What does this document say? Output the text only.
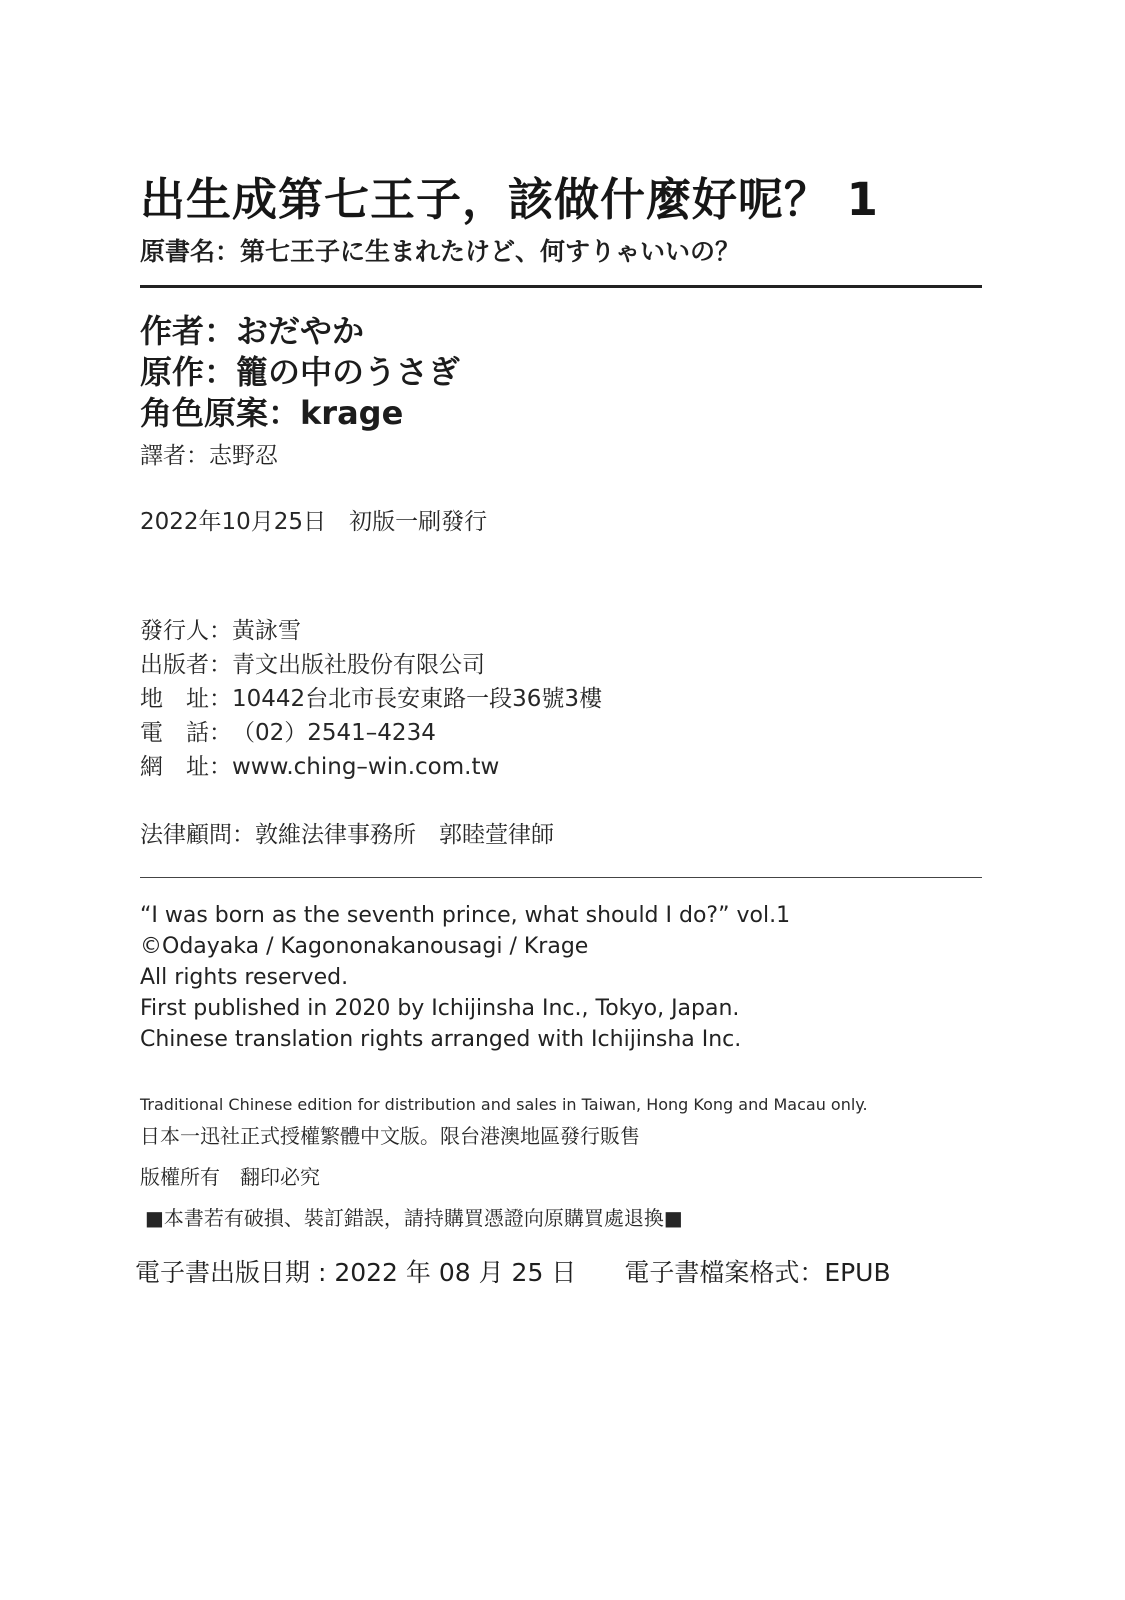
出生成第七王子，該做什麼好呢？ 1
原書名：第七王子に生まれたけど、何すりゃいいの？
作者：おだやか
原作：籠の中のうさぎ
角色原案：krage
譯者：志野忍
2022年10月25日　初版一刷發行
發行人：黃詠雪
出版者：青文出版社股份有限公司
地　址：10442台北市長安東路一段36號3樓
電　話：（02）2541–4234
網　址：www.ching–win.com.tw
法律顧問：敦維法律事務所　郭睦萱律師
“I was born as the seventh prince, what should I do?” vol.1
©Odayaka / Kagononakanousagi / Krage
All rights reserved.
First published in 2020 by Ichijinsha Inc., Tokyo, Japan.
Chinese translation rights arranged with Ichijinsha Inc.
Traditional Chinese edition for distribution and sales in Taiwan, Hong Kong and Macau only.
日本一迅社正式授權繁體中文版。限台港澳地區發行販售
版權所有　翻印必究
■本書若有破損、裝訂錯誤，請持購買憑證向原購買處退換■
電子書出版日期 : 2022 年 08 月 25 日 電子書檔案格式：EPUB
